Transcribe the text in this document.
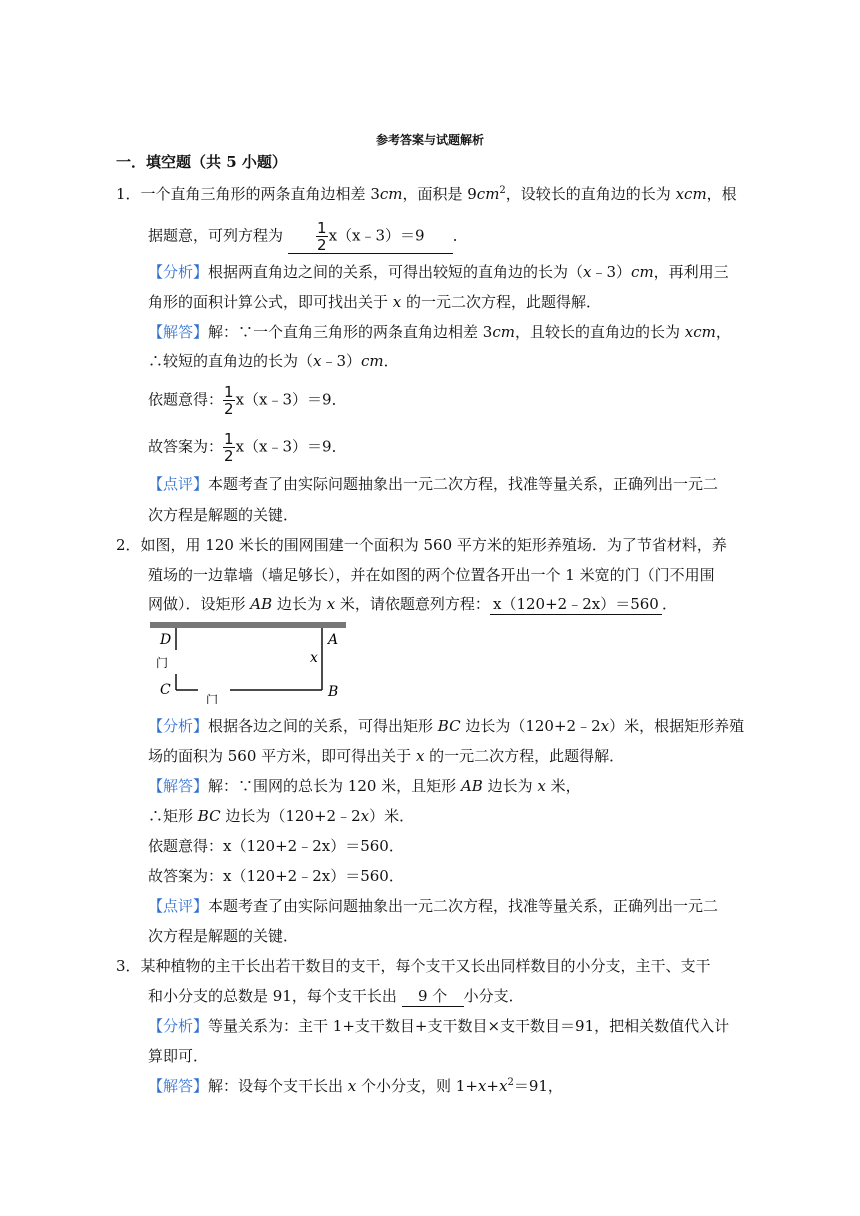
参考答案与试题解析
一．填空题（共 5 小题）
1．一个直角三角形的两条直角边相差 3cm，面积是 $9cm^2$，设较长的直角边的长为 xcm，根
据题意，可列方程为 $\frac{1}{2}$ x（x﹣3）＝9 ．
【分析】根据两直角边之间的关系，可得出较短的直角边的长为（x﹣3）cm，再利用三
角形的面积计算公式，即可找出关于 x 的一元二次方程，此题得解．
【解答】解：∵一个直角三角形的两条直角边相差 3cm，且较长的直角边的长为 xcm，
∴较短的直角边的长为（x﹣3）cm．
依题意得： $\frac{1}{2}$ x（x﹣3）＝9．
故答案为： $\frac{1}{2}$ x（x﹣3）＝9．
【点评】本题考查了由实际问题抽象出一元二次方程，找准等量关系，正确列出一元二
次方程是解题的关键．
2．如图，用 120 米长的围网围建一个面积为 560 平方米的矩形养殖场．为了节省材料，养
殖场的一边靠墙（墙足够长），并在如图的两个位置各开出一个 1 米宽的门（门不用围
网做）．设矩形 AB 边长为 x 米，请依题意列方程： x（120+2﹣2x）＝560 ．
D	A
C	B
x
门
门
【分析】根据各边之间的关系，可得出矩形 BC 边长为（120+2﹣2x）米，根据矩形养殖
场的面积为 560 平方米，即可得出关于 x 的一元二次方程，此题得解．
【解答】解：∵围网的总长为 120 米，且矩形 AB 边长为 x 米，
∴矩形 BC 边长为（120+2﹣2x）米．
依题意得：x（120+2﹣2x）＝560．
故答案为：x（120+2﹣2x）＝560．
【点评】本题考查了由实际问题抽象出一元二次方程，找准等量关系，正确列出一元二
次方程是解题的关键．
3．某种植物的主干长出若干数目的支干，每个支干又长出同样数目的小分支，主干、支干
和小分支的总数是 91，每个支干长出 9 个 小分支．
【分析】等量关系为：主干 1+支干数目+支干数目×支干数目＝91，把相关数值代入计
算即可．
【解答】解：设每个支干长出 x 个小分支，则 $1+x+x^2=91$，
